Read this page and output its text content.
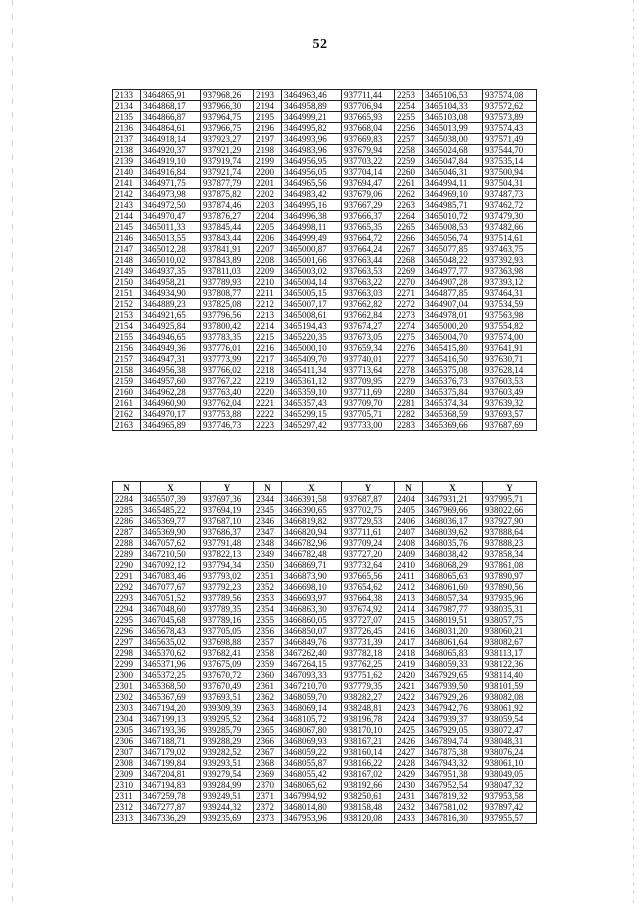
52
2133	3464865,91	937968,26	2193	3464963,46	937711,44	2253	3465106,53	937574,08
2134	3464868,17	937966,30	2194	3464958,89	937706,94	2254	3465104,33	937572,62
2135	3464866,87	937964,75	2195	3464999,21	937665,93	2255	3465103,08	937573,89
2136	3464864,61	937966,75	2196	3464995,82	937668,04	2256	3465013,99	937574,43
2137	3464918,14	937923,27	2197	3464993,96	937669,83	2257	3465038,00	937571,49
2138	3464920,37	937921,29	2198	3464983,96	937679,94	2258	3465024,68	937544,70
2139	3464919,10	937919,74	2199	3464956,95	937703,22	2259	3465047,84	937535,14
2140	3464916,84	937921,74	2200	3464956,05	937704,14	2260	3465046,31	937500,94
2141	3464971,75	937877,79	2201	3464965,56	937694,47	2261	3464994,11	937504,31
2142	3464973,98	937875,82	2202	3464983,42	937679,06	2262	3464969,10	937487,73
2143	3464972,50	937874,46	2203	3464995,16	937667,29	2263	3464985,71	937462,72
2144	3464970,47	937876,27	2204	3464996,38	937666,37	2264	3465010,72	937479,30
2145	3465011,33	937845,44	2205	3464998,11	937665,35	2265	3465008,53	937482,66
2146	3465013,55	937843,44	2206	3464999,49	937664,72	2266	3465056,74	937514,61
2147	3465012,28	937841,91	2207	3465000,87	937664,24	2267	3465077,85	937463,75
2148	3465010,02	937843,89	2208	3465001,66	937663,44	2268	3465048,22	937392,93
2149	3464937,35	937811,03	2209	3465003,02	937663,53	2269	3464977,77	937363,98
2150	3464958,21	937789,93	2210	3465004,14	937663,22	2270	3464907,28	937393,12
2151	3464934,90	937808,77	2211	3465005,15	937663,03	2271	3464877,85	937464,31
2152	3464889,23	937825,08	2212	3465007,17	937662,82	2272	3464907,04	937534,59
2153	3464921,65	937796,56	2213	3465008,61	937662,84	2273	3464978,01	937563,98
2154	3464925,84	937800,42	2214	3465194,43	937674,27	2274	3465000,20	937554,82
2155	3464946,65	937783,35	2215	3465220,35	937673,05	2275	3465004,70	937574,00
2156	3464949,36	937776,01	2216	3465000,10	937659,34	2276	3465415,80	937641,91
2157	3464947,31	937773,99	2217	3465409,70	937740,01	2277	3465416,50	937630,71
2158	3464956,38	937766,02	2218	3465411,34	937713,64	2278	3465375,08	937628,14
2159	3464957,60	937767,22	2219	3465361,12	937709,95	2279	3465376,73	937603,53
2160	3464962,28	937763,40	2220	3465359,10	937711,69	2280	3465375,84	937603,49
2161	3464960,90	937762,04	2221	3465357,43	937709,70	2281	3465374,34	937639,32
2162	3464970,17	937753,88	2222	3465299,15	937705,71	2282	3465368,59	937693,57
2163	3464965,89	937746,73	2223	3465297,42	937733,00	2283	3465369,66	937687,69
N	X	Y	N	X	Y	N	X	Y
2284	3465507,39	937697,36	2344	3466391,58	937687,87	2404	3467931,21	937995,71
2285	3465485,22	937694,19	2345	3466390,65	937702,75	2405	3467969,66	938022,66
2286	3465369,77	937687,10	2346	3466819,82	937729,53	2406	3468036,17	937927,90
2287	3465369,90	937686,37	2347	3466820,94	937711,61	2407	3468039,62	937888,64
2288	3467057,62	937791,48	2348	3466782,96	937709,24	2408	3468035,76	937888,23
2289	3467210,50	937822,13	2349	3466782,48	937727,20	2409	3468038,42	937858,34
2290	3467092,12	937794,34	2350	3466869,71	937732,64	2410	3468068,29	937861,08
2291	3467083,46	937793,02	2351	3466873,90	937665,56	2411	3468065,63	937890,97
2292	3467077,67	937792,23	2352	3466698,10	937654,62	2412	3468061,60	937890,56
2293	3467051,52	937789,56	2353	3466693,97	937664,38	2413	3468057,34	937935,96
2294	3467048,60	937789,35	2354	3466863,30	937674,92	2414	3467987,77	938035,31
2295	3467045,68	937789,16	2355	3466860,05	937727,07	2415	3468019,51	938057,75
2296	3465678,43	937705,05	2356	3466850,07	937726,45	2416	3468031,20	938060,21
2297	3465635,02	937698,88	2357	3466849,76	937731,39	2417	3468061,64	938082,67
2298	3465370,62	937682,41	2358	3467262,40	937782,18	2418	3468065,83	938113,17
2299	3465371,96	937675,09	2359	3467264,15	937762,25	2419	3468059,33	938122,36
2300	3465372,25	937670,72	2360	3467093,33	937751,62	2420	3467929,65	938114,40
2301	3465368,50	937670,49	2361	3467210,70	937779,35	2421	3467939,50	938101,59
2302	3465367,69	937693,51	2362	3468059,70	938282,27	2422	3467929,26	938082,08
2303	3467194,20	939309,39	2363	3468069,14	938248,81	2423	3467942,76	938061,92
2304	3467199,13	939295,52	2364	3468105,72	938196,78	2424	3467939,37	938059,54
2305	3467193,36	939285,79	2365	3468067,80	938170,10	2425	3467929,05	938072,47
2306	3467188,71	939288,29	2366	3468069,93	938167,21	2426	3467894,74	938048,31
2307	3467179,02	939282,52	2367	3468059,22	938160,14	2427	3467875,38	938076,24
2308	3467199,84	939293,51	2368	3468055,87	938166,22	2428	3467943,32	938061,10
2309	3467204,81	939279,54	2369	3468055,42	938167,02	2429	3467951,38	938049,05
2310	3467194,83	939284,99	2370	3468065,62	938192,66	2430	3467952,54	938047,32
2311	3467259,78	939249,51	2371	3467994,92	938250,61	2431	3467819,32	937953,58
2312	3467277,87	939244,32	2372	3468014,80	938158,48	2432	3467581,02	937897,42
2313	3467336,29	939235,69	2373	3467953,96	938120,08	2433	3467816,30	937955,57
